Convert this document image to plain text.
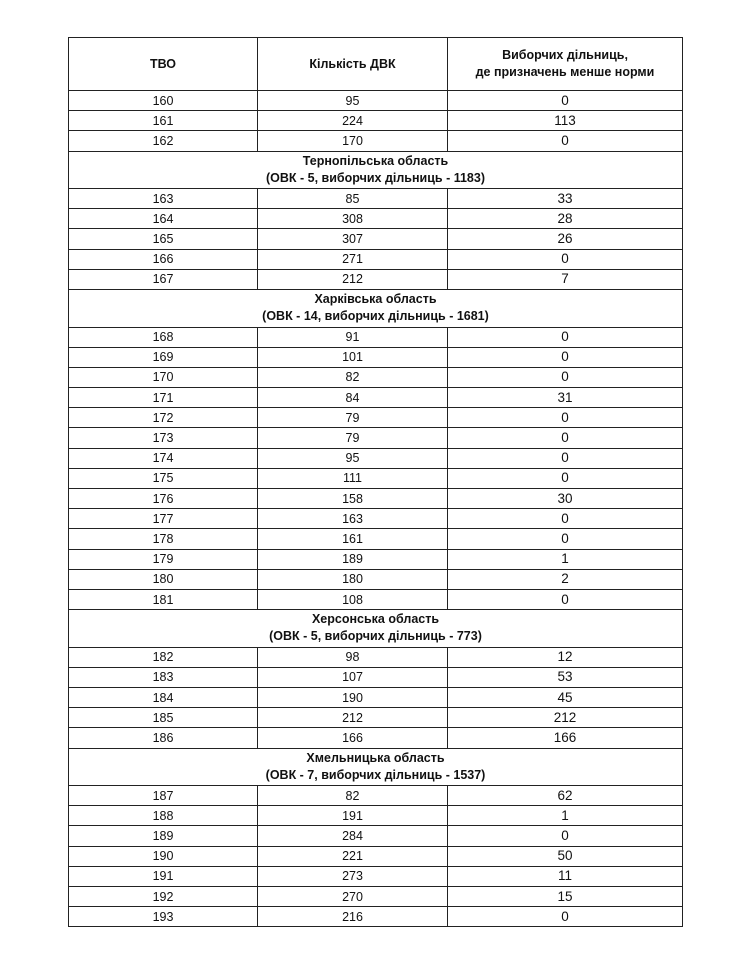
ТВО	Кількість ДВК	Виборчих дільниць,
де призначень менше норми

160	95	0
161	224	113
162	170	0

Тернопільська область
(ОВК - 5, виборчих дільниць - 1183)		

163	85	33
164	308	28
165	307	26
166	271	0
167	212	7

Харківська область
(ОВК - 14, виборчих дільниць - 1681)		

168	91	0
169	101	0
170	82	0
171	84	31
172	79	0
173	79	0
174	95	0
175	111	0
176	158	30
177	163	0
178	161	0
179	189	1
180	180	2
181	108	0

Херсонська область
(ОВК - 5, виборчих дільниць - 773)		

182	98	12
183	107	53
184	190	45
185	212	212
186	166	166

Хмельницька область
(ОВК - 7, виборчих дільниць - 1537)		

187	82	62
188	191	1
189	284	0
190	221	50
191	273	11
192	270	15
193	216	0
